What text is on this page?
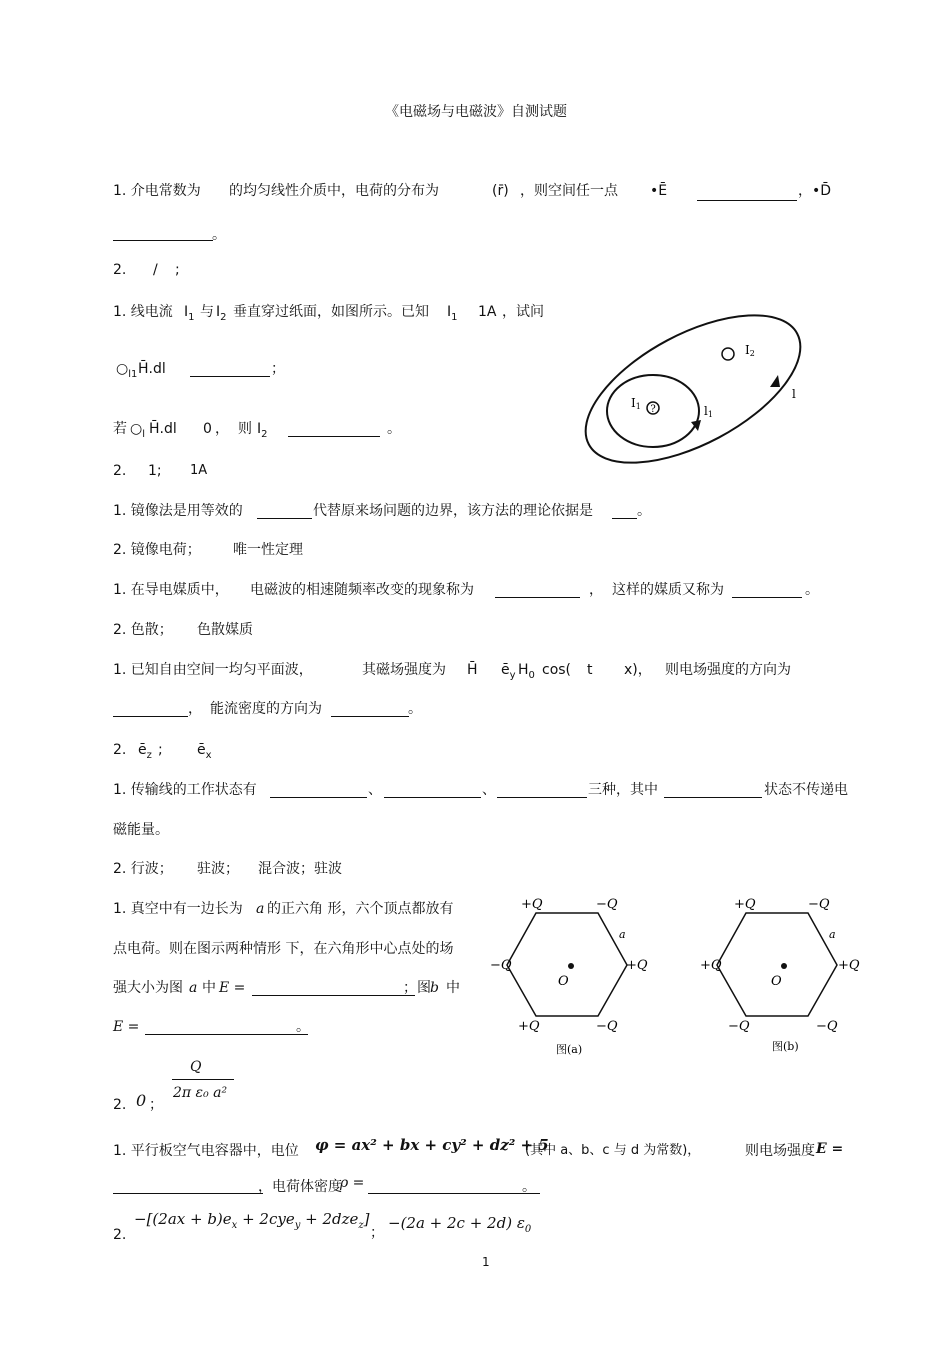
《电磁场与电磁波》自测试题
1. 介电常数为 的均匀线性介质中，电荷的分布为	(r̄) ，则空间任一点 •Ē	， •D̄
。
2. / ;
1. 线电流 $I_1$ 与 $I_2$ 垂直穿过纸面，如图所示。已知 $I_1$ 1A ，试问
$○_{l1}$ H̄.dl	；
若 $○_l$ H̄.dl 0 ， 则 $I_2$	。
2. 1; 1A
?
I2
I1	l1
l
1. 镜像法是用等效的	代替原来场问题的边界，该方法的理论依据是	。
2. 镜像电荷； 唯一性定理
1. 在导电媒质中， 电磁波的相速随频率改变的现象称为	， 这样的媒质又称为	。
2. 色散； 色散媒质
1. 已知自由空间一均匀平面波，	其磁场强度为 H̄ $ē_y$ $H_0$ cos( t x)， 则电场强度的方向为
， 能流密度的方向为	。
2. $ē_z$ ; $ē_x$
1. 传输线的工作状态有	、	、	三种，其中	状态不传递电
磁能量。
2. 行波； 驻波； 混合波；驻波
1. 真空中有一边长为 a 的正六角 形，六个顶点都放有
点电荷。则在图示两种情形 下，在六角形中心点处的场
强大小为图 a 中 E =	；图 b 中
E =	。
2. 0 ；
Q
2π ε₀ a²
+Q	−Q
+Q
−Q
+Q
−Q
a
O
图(a)
+Q	−Q
+Q
−Q
−Q
+Q
a
O
图(b)
1. 平行板空气电容器中，电位 φ = ax² + bx + cy² + dz² + 5
(其中 a、b、c 与 d 为常数)，	则电场强度 E =
，电荷体密度
ρ =	。
2.
$-[(2ax + b)e_x + 2cye_y + 2dze_z]$
；
−(2a + 2c + 2d) $\varepsilon_0$
1
